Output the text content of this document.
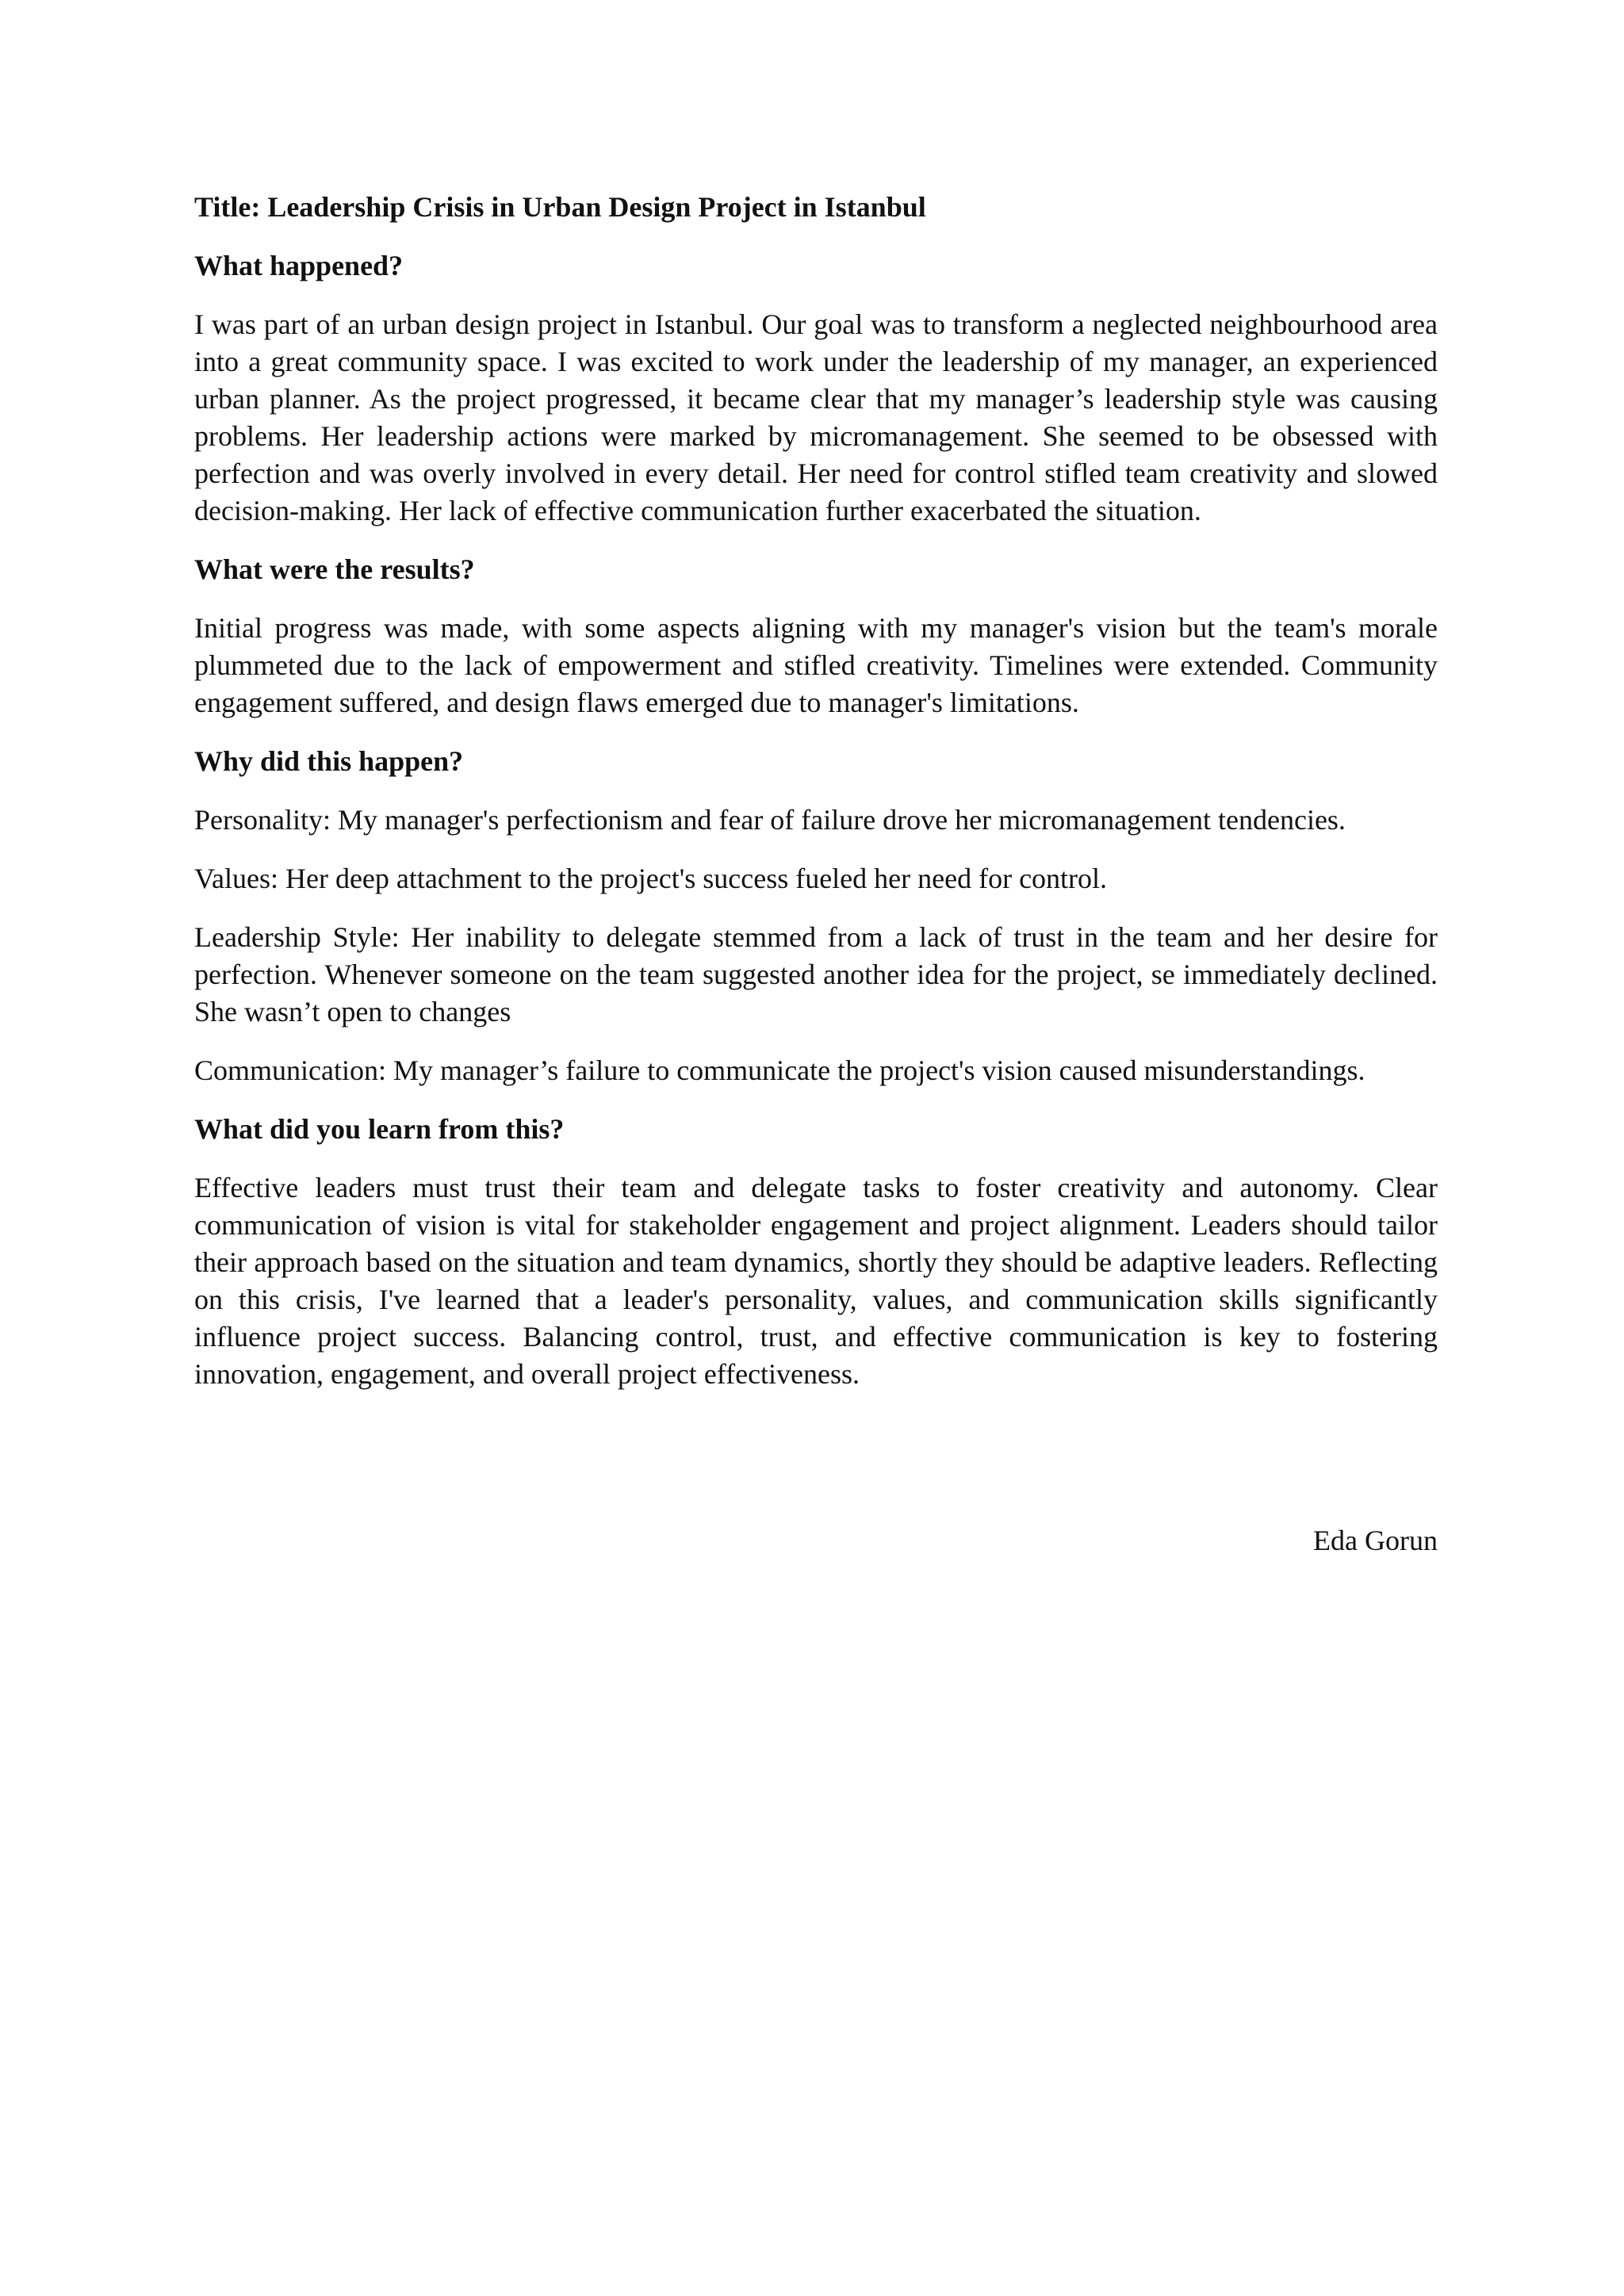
Title: Leadership Crisis in Urban Design Project in Istanbul

What happened?

I was part of an urban design project in Istanbul. Our goal was to transform a neglected neighbourhood area into a great community space. I was excited to work under the leadership of my manager, an experienced urban planner. As the project progressed, it became clear that my manager’s leadership style was causing problems. Her leadership actions were marked by micromanagement. She seemed to be obsessed with perfection and was overly involved in every detail. Her need for control stifled team creativity and slowed decision-making. Her lack of effective communication further exacerbated the situation.

What were the results?

Initial progress was made, with some aspects aligning with my manager's vision but the team's morale plummeted due to the lack of empowerment and stifled creativity. Timelines were extended. Community engagement suffered, and design flaws emerged due to manager's limitations.

Why did this happen?

Personality: My manager's perfectionism and fear of failure drove her micromanagement tendencies.

Values: Her deep attachment to the project's success fueled her need for control.

Leadership Style: Her inability to delegate stemmed from a lack of trust in the team and her desire for perfection. Whenever someone on the team suggested another idea for the project, se immediately declined. She wasn’t open to changes

Communication: My manager’s failure to communicate the project's vision caused misunderstandings.

What did you learn from this?

Effective leaders must trust their team and delegate tasks to foster creativity and autonomy. Clear communication of vision is vital for stakeholder engagement and project alignment. Leaders should tailor their approach based on the situation and team dynamics, shortly they should be adaptive leaders. Reflecting on this crisis, I've learned that a leader's personality, values, and communication skills significantly influence project success. Balancing control, trust, and effective communication is key to fostering innovation, engagement, and overall project effectiveness.

Eda Gorun
